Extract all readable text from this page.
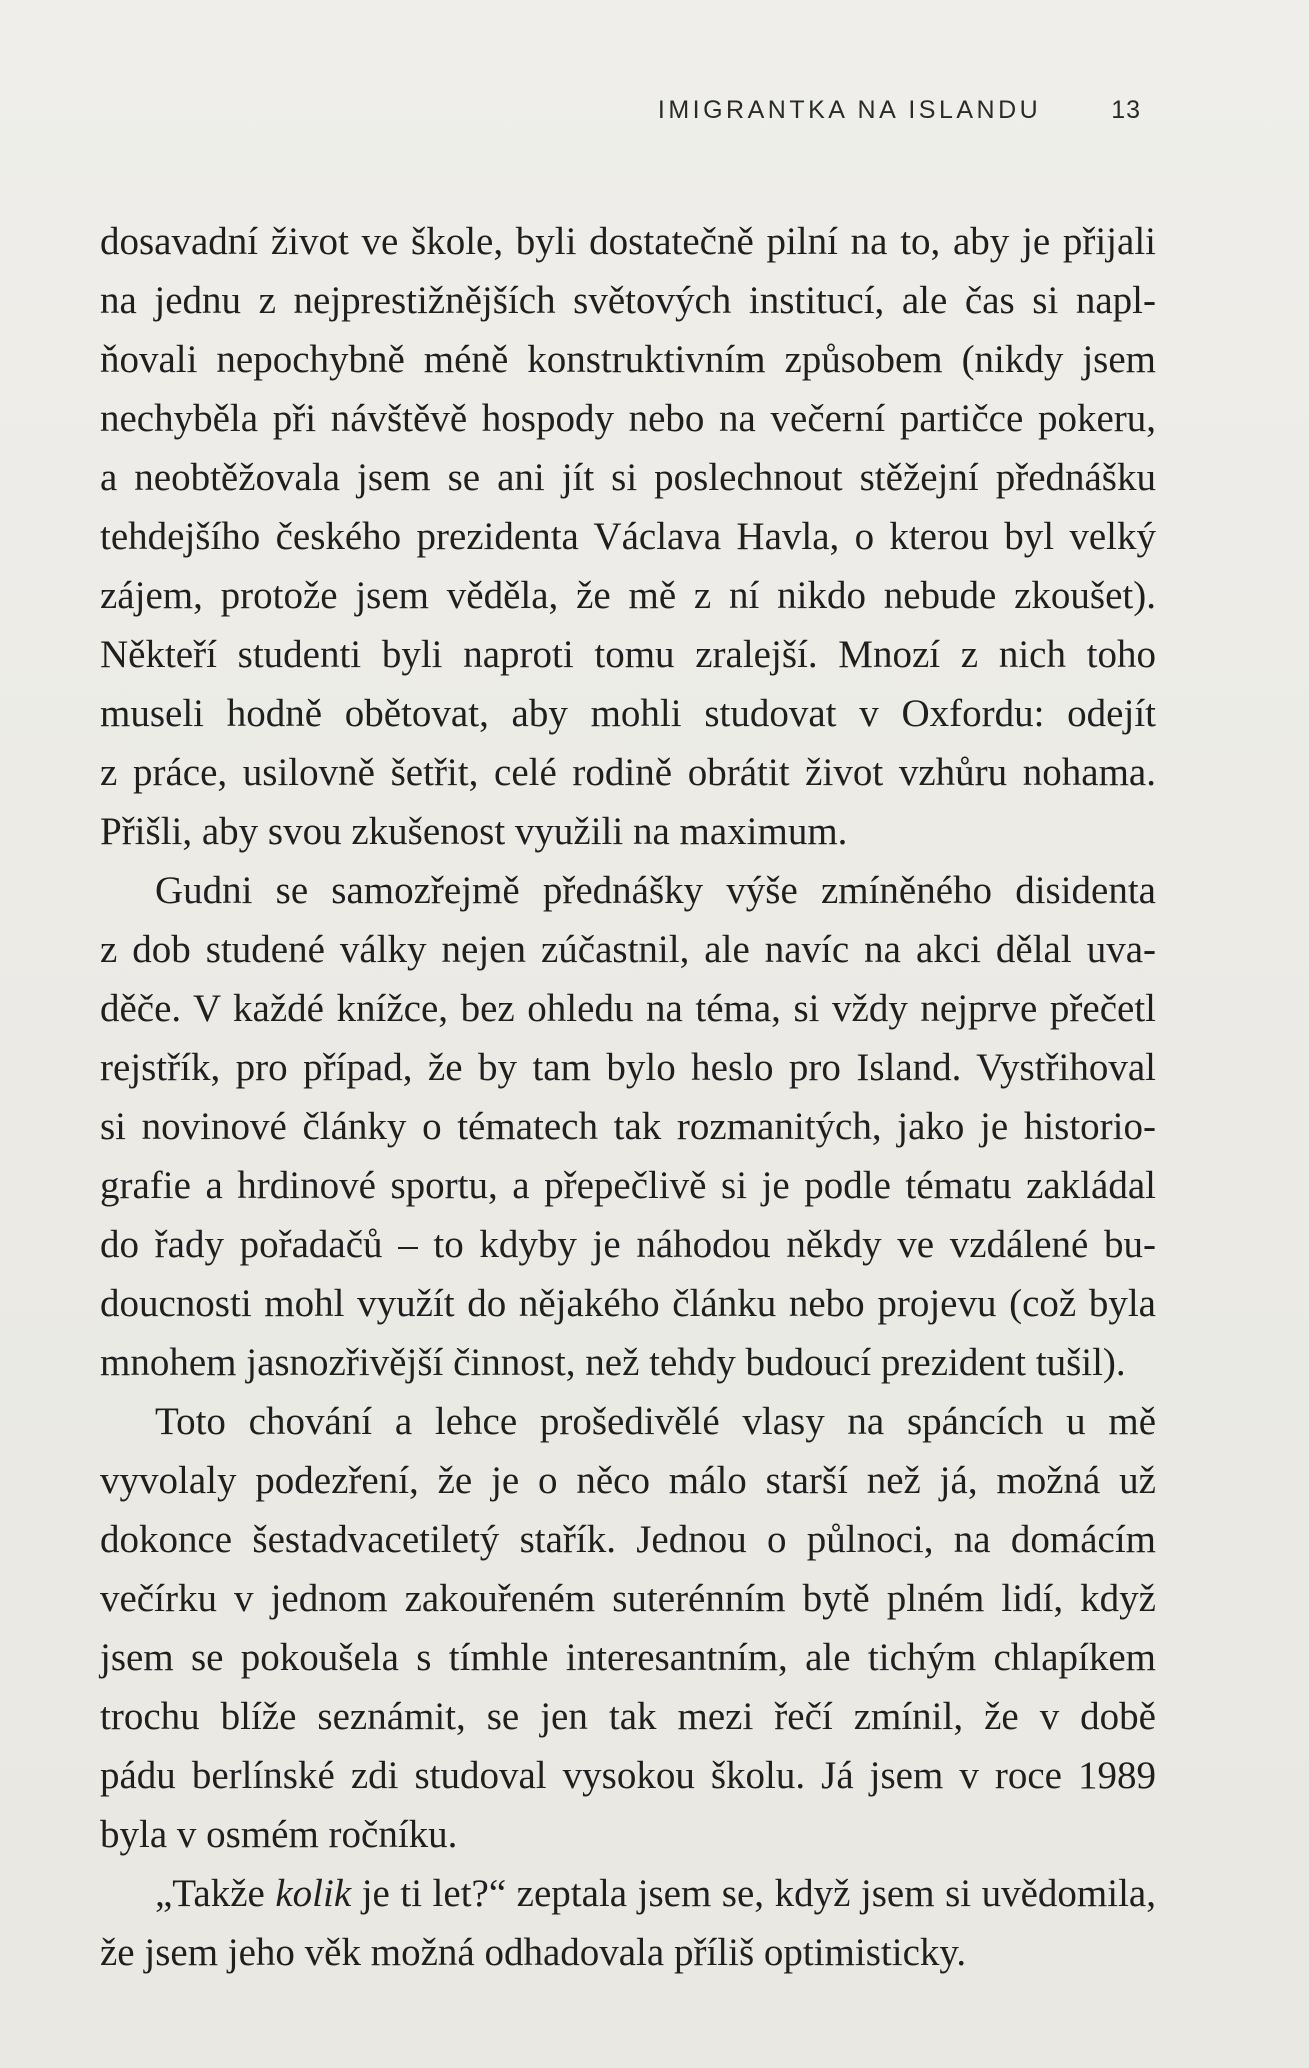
IMIGRANTKA NA ISLANDU	13
dosavadní život ve škole, byli dostatečně pilní na to, aby je přijali
na jednu z nejprestižnějších světových institucí, ale čas si napl-
ňovali nepochybně méně konstruktivním způsobem (nikdy jsem
nechyběla při návštěvě hospody nebo na večerní partičce pokeru,
a neobtěžovala jsem se ani jít si poslechnout stěžejní přednášku
tehdejšího českého prezidenta Václava Havla, o kterou byl velký
zájem, protože jsem věděla, že mě z ní nikdo nebude zkoušet).
Někteří studenti byli naproti tomu zralejší. Mnozí z nich toho
museli hodně obětovat, aby mohli studovat v Oxfordu: odejít
z práce, usilovně šetřit, celé rodině obrátit život vzhůru nohama.
Přišli, aby svou zkušenost využili na maximum.
Gudni se samozřejmě přednášky výše zmíněného disidenta
z dob studené války nejen zúčastnil, ale navíc na akci dělal uva-
děče. V každé knížce, bez ohledu na téma, si vždy nejprve přečetl
rejstřík, pro případ, že by tam bylo heslo pro Island. Vystřihoval
si novinové články o tématech tak rozmanitých, jako je historio-
grafie a hrdinové sportu, a přepečlivě si je podle tématu zakládal
do řady pořadačů – to kdyby je náhodou někdy ve vzdálené bu-
doucnosti mohl využít do nějakého článku nebo projevu (což byla
mnohem jasnozřivější činnost, než tehdy budoucí prezident tušil).
Toto chování a lehce prošedivělé vlasy na spáncích u mě
vyvolaly podezření, že je o něco málo starší než já, možná už
dokonce šestadvacetiletý stařík. Jednou o půlnoci, na domácím
večírku v jednom zakouřeném suterénním bytě plném lidí, když
jsem se pokoušela s tímhle interesantním, ale tichým chlapíkem
trochu blíže seznámit, se jen tak mezi řečí zmínil, že v době
pádu berlínské zdi studoval vysokou školu. Já jsem v roce 1989
byla v osmém ročníku.
„Takže kolik je ti let?“ zeptala jsem se, když jsem si uvědomila,
že jsem jeho věk možná odhadovala příliš optimisticky.
